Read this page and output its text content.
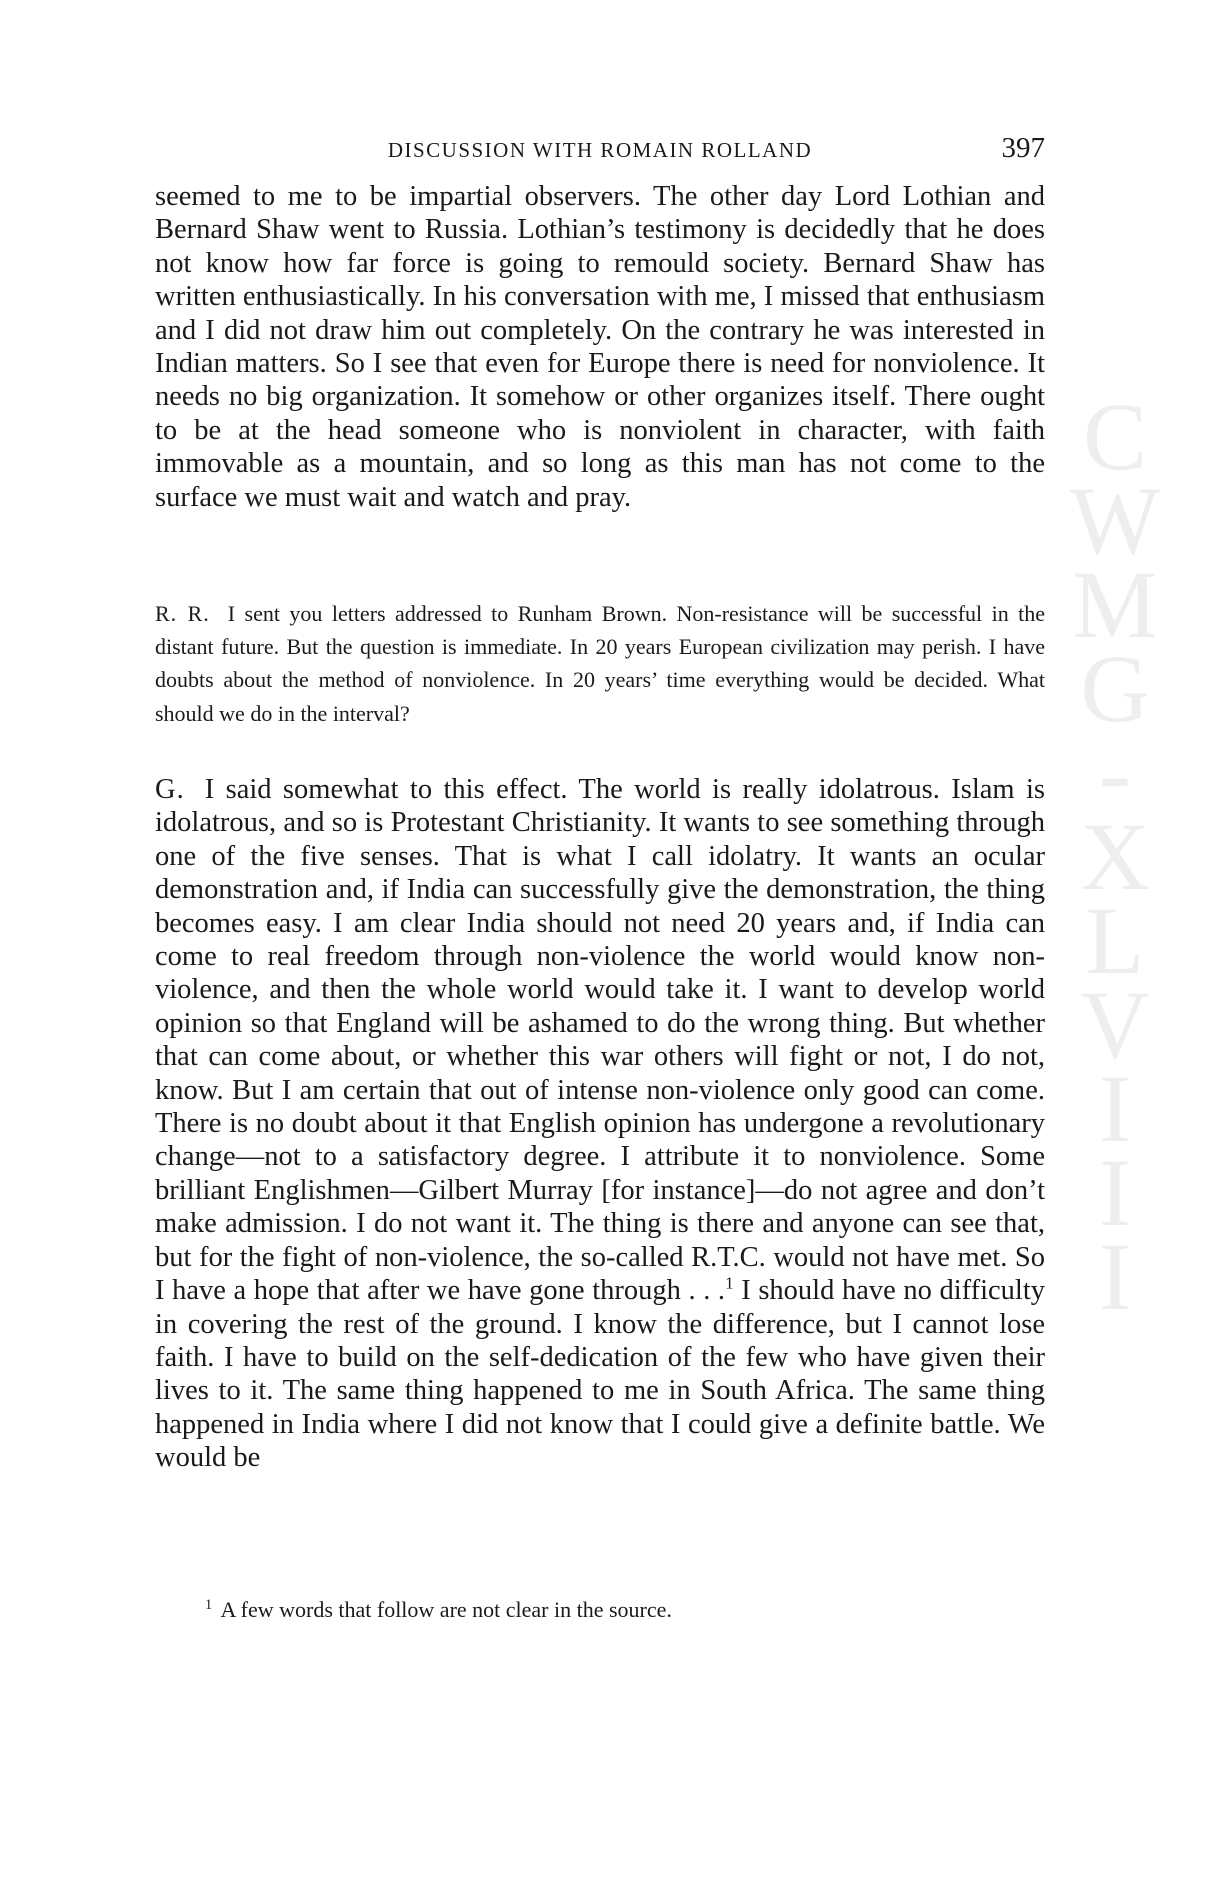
C
W
M
G
-
X
L
V
I
I
I
DISCUSSION WITH ROMAIN ROLLAND	397

seemed to me to be impartial observers. The other day Lord Lothian and Bernard Shaw went to Russia. Lothian’s testimony is decidedly that he does not know how far force is going to remould society. Bernard Shaw has written enthusiastically. In his conversation with me, I missed that enthusiasm and I did not draw him out completely. On the contrary he was interested in Indian matters. So I see that even for Europe there is need for nonviolence. It needs no big organization. It somehow or other organizes itself. There ought to be at the head someone who is nonviolent in character, with faith immovable as a mountain, and so long as this man has not come to the surface we must wait and watch and pray.

R. R. I sent you letters addressed to Runham Brown. Non-resistance will be successful in the distant future. But the question is immediate. In 20 years European civilization may perish. I have doubts about the method of nonviolence. In 20 years’ time everything would be decided. What should we do in the interval?

G. I said somewhat to this effect. The world is really idolatrous. Islam is idolatrous, and so is Protestant Christianity. It wants to see something through one of the five senses. That is what I call idolatry. It wants an ocular demonstration and, if India can successfully give the demonstration, the thing becomes easy. I am clear India should not need 20 years and, if India can come to real freedom through non-violence the world would know non-violence, and then the whole world would take it. I want to develop world opinion so that England will be ashamed to do the wrong thing. But whether that can come about, or whether this war others will fight or not, I do not, know. But I am certain that out of intense non-violence only good can come. There is no doubt about it that English opinion has undergone a revolutionary change—not to a satisfactory degree. I attribute it to nonviolence. Some brilliant Englishmen—Gilbert Murray [for instance]—do not agree and don’t make admission. I do not want it. The thing is there and anyone can see that, but for the fight of non-violence, the so-called R.T.C. would not have met. So I have a hope that after we have gone through . . .$^1$ I should have no difficulty in covering the rest of the ground. I know the difference, but I cannot lose faith. I have to build on the self-dedication of the few who have given their lives to it. The same thing happened to me in South Africa. The same thing happened in India where I did not know that I could give a definite battle. We would be

$^1$ A few words that follow are not clear in the source.
